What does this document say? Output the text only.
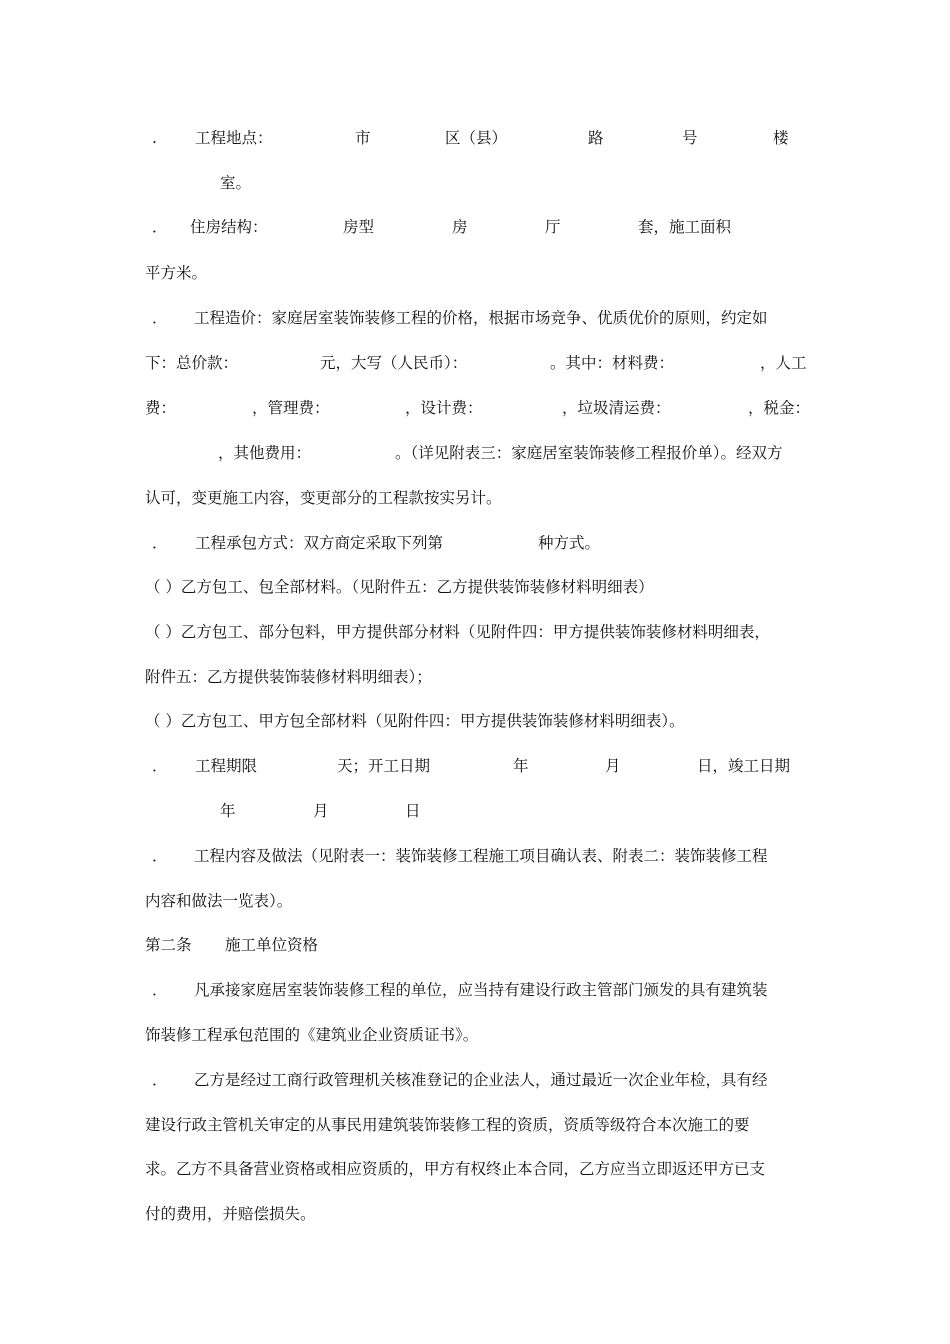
. 工程地点：	市	区（县）	路	号	楼
室。
． 住房结构：	房型	房	厅	套，施工面积
平方米。
． 工程造价：家庭居室装饰装修工程的价格，根据市场竞争、优质优价的原则，约定如
下：总价款：	元，大写（人民币）：	。其中：材料费：	，人工
费：	，管理费：	，设计费：	，垃圾清运费：	，税金：
，其他费用：	。（详见附表三：家庭居室装饰装修工程报价单）。经双方
认可，变更施工内容，变更部分的工程款按实另计。
． 工程承包方式：双方商定采取下列第	种方式。
（ ）乙方包工、包全部材料。（见附件五：乙方提供装饰装修材料明细表）
（ ）乙方包工、部分包料，甲方提供部分材料（见附件四：甲方提供装饰装修材料明细表，
附件五：乙方提供装饰装修材料明细表）；
（ ）乙方包工、甲方包全部材料（见附件四：甲方提供装饰装修材料明细表）。
． 工程期限	天；开工日期	年	月	日，竣工日期
年	月	日
． 工程内容及做法（见附表一：装饰装修工程施工项目确认表、附表二：装饰装修工程
内容和做法一览表）。
第二条 施工单位资格
． 凡承接家庭居室装饰装修工程的单位，应当持有建设行政主管部门颁发的具有建筑装
饰装修工程承包范围的《建筑业企业资质证书》。
． 乙方是经过工商行政管理机关核准登记的企业法人，通过最近一次企业年检，具有经
建设行政主管机关审定的从事民用建筑装饰装修工程的资质，资质等级符合本次施工的要
求。乙方不具备营业资格或相应资质的，甲方有权终止本合同，乙方应当立即返还甲方已支
付的费用，并赔偿损失。
